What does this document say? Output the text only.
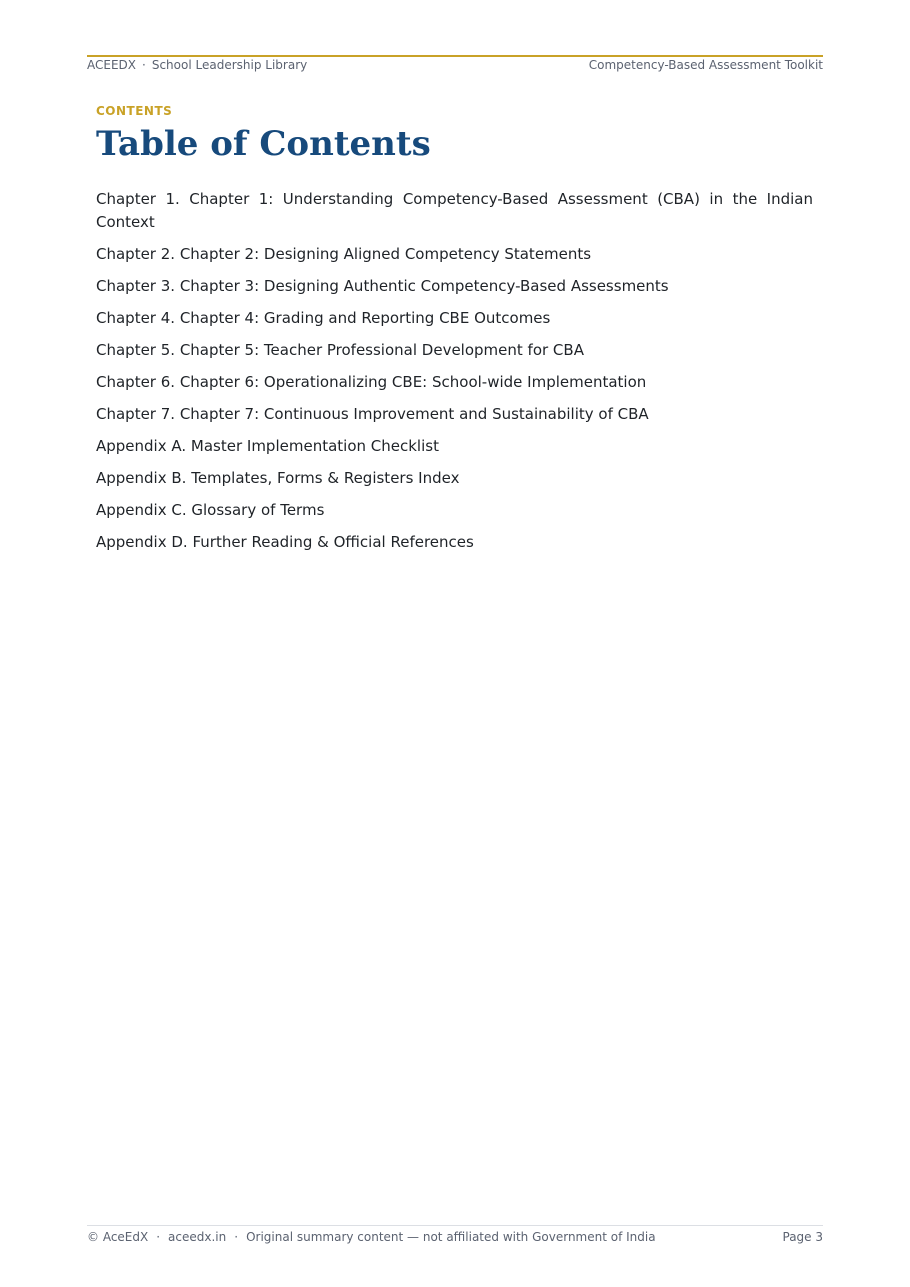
ACEEDX · School Leadership Library	Competency-Based Assessment Toolkit
CONTENTS
Table of Contents
Chapter 1. Chapter 1: Understanding Competency-Based Assessment (CBA) in the Indian Context
Chapter 2. Chapter 2: Designing Aligned Competency Statements
Chapter 3. Chapter 3: Designing Authentic Competency-Based Assessments
Chapter 4. Chapter 4: Grading and Reporting CBE Outcomes
Chapter 5. Chapter 5: Teacher Professional Development for CBA
Chapter 6. Chapter 6: Operationalizing CBE: School-wide Implementation
Chapter 7. Chapter 7: Continuous Improvement and Sustainability of CBA
Appendix A. Master Implementation Checklist
Appendix B. Templates, Forms & Registers Index
Appendix C. Glossary of Terms
Appendix D. Further Reading & Official References
© AceEdX · aceedx.in · Original summary content — not affiliated with Government of India	Page 3
